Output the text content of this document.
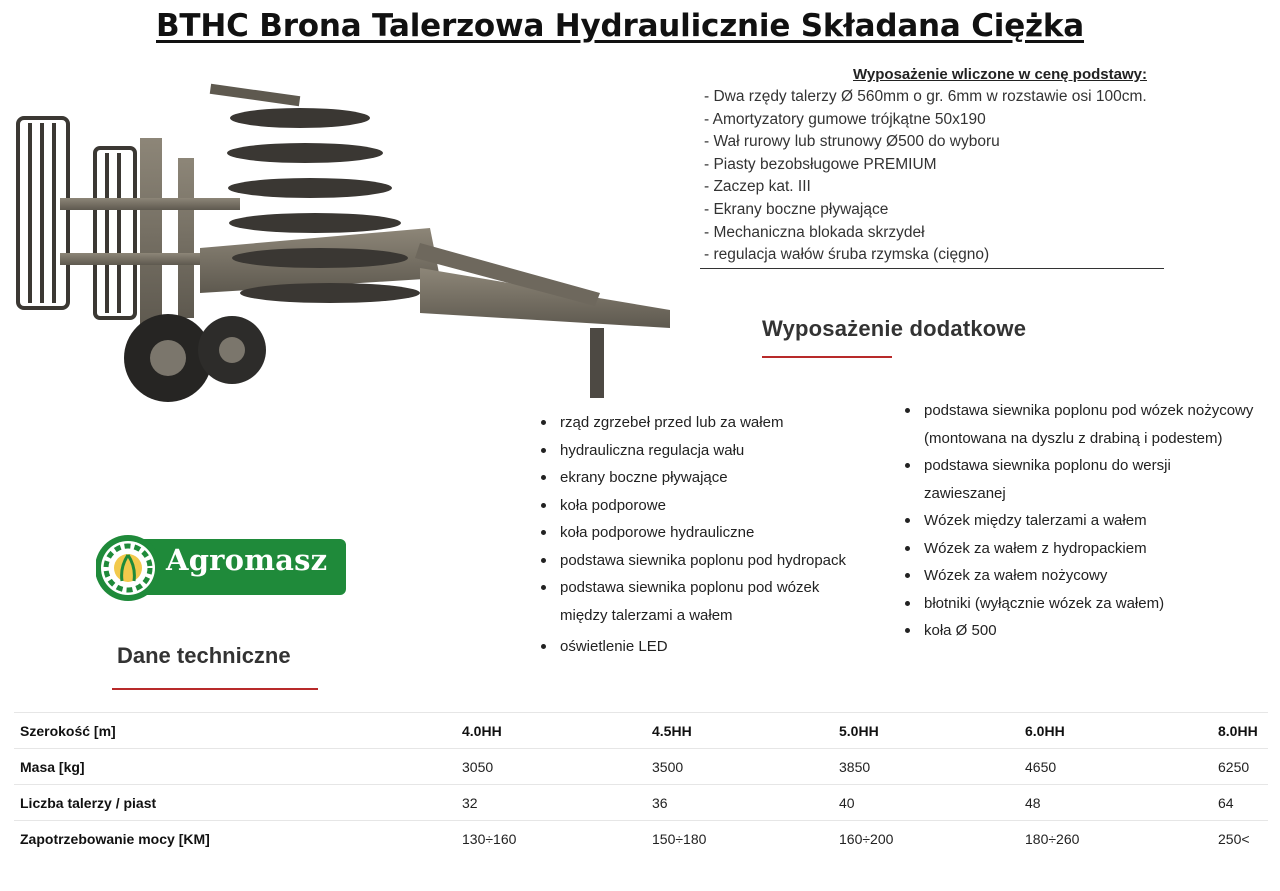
BTHC Brona Talerzowa Hydraulicznie Składana Ciężka
Wyposażenie wliczone w cenę podstawy:
- Dwa rzędy talerzy Ø 560mm o gr. 6mm w rozstawie osi 100cm.
- Amortyzatory gumowe trójkątne 50x190
- Wał rurowy lub strunowy Ø500 do wyboru
- Piasty bezobsługowe PREMIUM
- Zaczep kat. III
- Ekrany boczne pływające
- Mechaniczna blokada skrzydeł
- regulacja wałów śruba rzymska (cięgno)
Wyposażenie dodatkowe
rząd zgrzebeł przed lub za wałem
hydrauliczna regulacja wału
ekrany boczne pływające
koła podporowe
koła podporowe hydrauliczne
podstawa siewnika poplonu pod hydropack
podstawa siewnika poplonu pod wózek między talerzami a wałem
oświetlenie LED
podstawa siewnika poplonu pod wózek nożycowy (montowana na dyszlu z drabiną i podestem)
podstawa siewnika poplonu do wersji zawieszanej
Wózek między talerzami a wałem
Wózek za wałem z hydropackiem
Wózek za wałem nożycowy
błotniki (wyłącznie wózek za wałem)
koła Ø 500
Agromasz
Dane techniczne
Szerokość [m]	4.0HH	4.5HH	5.0HH	6.0HH	8.0HH
Masa [kg]	3050	3500	3850	4650	6250
Liczba talerzy / piast	32	36	40	48	64
Zapotrzebowanie mocy [KM]	130÷160	150÷180	160÷200	180÷260	250<
